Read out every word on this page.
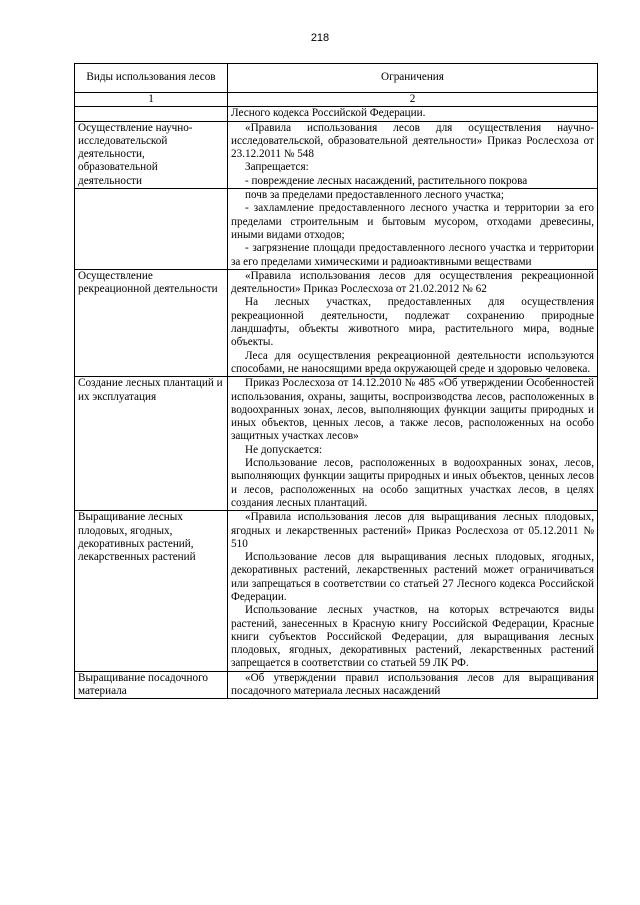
218
Виды использования лесов	Ограничения
1	2

	Лесного кодекса Российской Федерации.

Осуществление научно-исследовательской деятельности, образовательной деятельности	«Правила использования лесов для осуществления научно-исследовательской, образовательной деятельности» Приказ Рослесхоза от 23.12.2011 № 548

Запрещается:

- повреждение лесных насаждений, растительного покрова

	почв за пределами предоставленного лесного участка;

- захламление предоставленного лесного участка и территории за его пределами строительным и бытовым мусором, отходами древесины, иными видами отходов;

- загрязнение площади предоставленного лесного участка и территории за его пределами химическими и радиоактивными веществами

Осуществление рекреационной деятельности	«Правила использования лесов для осуществления рекреационной деятельности» Приказ Рослесхоза от 21.02.2012 № 62

На лесных участках, предоставленных для осуществления рекреационной деятельности, подлежат сохранению природные ландшафты, объекты животного мира, растительного мира, водные объекты.

Леса для осуществления рекреационной деятельности используются способами, не наносящими вреда окружающей среде и здоровью человека.

Создание лесных плантаций и их эксплуатация	Приказ Рослесхоза от 14.12.2010 № 485 «Об утверждении Особенностей использования, охраны, защиты, воспроизводства лесов, расположенных в водоохранных зонах, лесов, выполняющих функции защиты природных и иных объектов, ценных лесов, а также лесов, расположенных на особо защитных участках лесов»

Не допускается:

Использование лесов, расположенных в водоохранных зонах, лесов, выполняющих функции защиты природных и иных объектов, ценных лесов и лесов, расположенных на особо защитных участках лесов, в целях создания лесных плантаций.

Выращивание лесных плодовых, ягодных, декоративных растений, лекарственных растений	«Правила использования лесов для выращивания лесных плодовых, ягодных и лекарственных растений» Приказ Рослесхоза от 05.12.2011 № 510

Использование лесов для выращивания лесных плодовых, ягодных, декоративных растений, лекарственных растений может ограничиваться или запрещаться в соответствии со статьей 27 Лесного кодекса Российской Федерации.

Использование лесных участков, на которых встречаются виды растений, занесенных в Красную книгу Российской Федерации, Красные книги субъектов Российской Федерации, для выращивания лесных плодовых, ягодных, декоративных растений, лекарственных растений запрещается в соответствии со статьей 59 ЛК РФ.

Выращивание посадочного материала	«Об утверждении правил использования лесов для выращивания посадочного материала лесных насаждений
